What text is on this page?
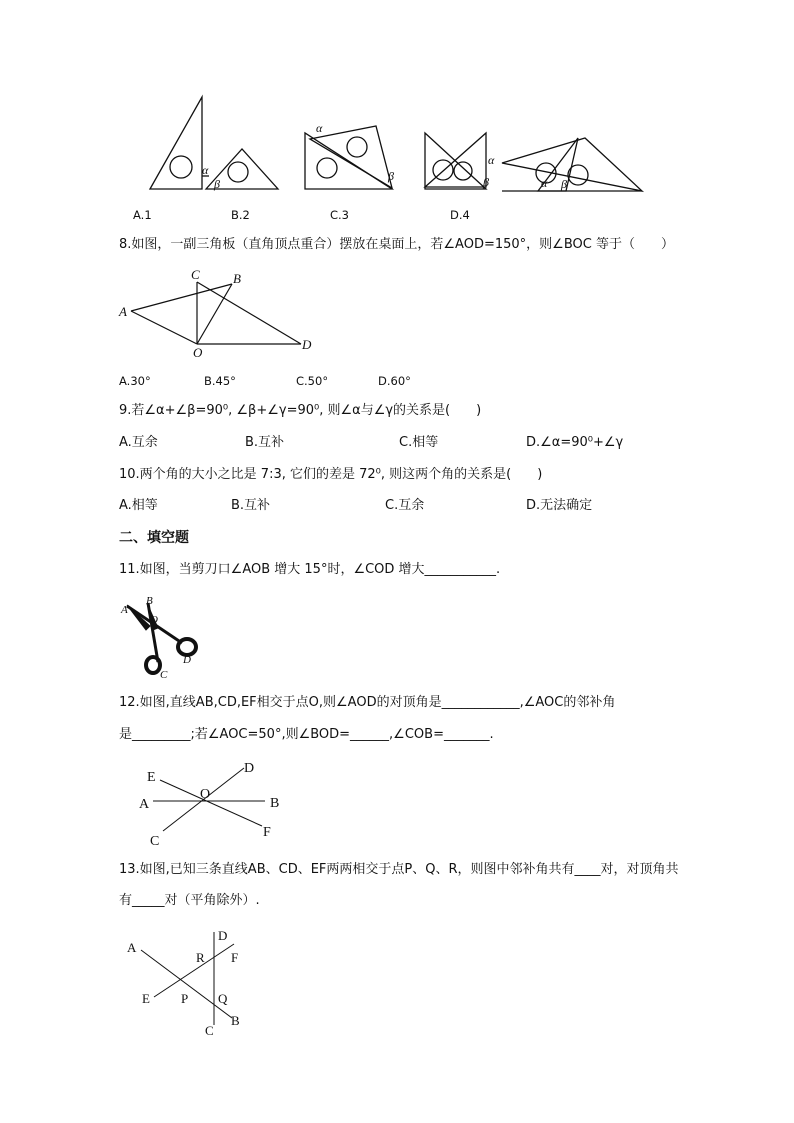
α
β
α
β
α
β	α β
A.1	B.2	C.3	D.4
8.如图，一副三角板（直角顶点重合）摆放在桌面上，若∠AOD=150°，则∠BOC 等于（　　）
A
C	B
O
D
A.30°	B.45°	C.50°	D.60°
9.若∠α+∠β=90⁰, ∠β+∠γ=90⁰, 则∠α与∠γ的关系是(　　)
A.互余	B.互补	C.相等	D.∠α=90⁰+∠γ
10.两个角的大小之比是 7:3, 它们的差是 72⁰, 则这两个角的关系是(　　)
A.相等	B.互补	C.互余	D.无法确定
二、填空题
11.如图，当剪刀口∠AOB 增大 15°时，∠COD 增大___________.
A
B
O
D
C
12.如图,直线AB,CD,EF相交于点O,则∠AOD的对顶角是____________,∠AOC的邻补角
是_________;若∠AOC=50°,则∠BOD=______,∠COB=_______.
E
D
A
O
B
F
C
13.如图,已知三条直线AB、CD、EF两两相交于点P、Q、R，则图中邻补角共有____对，对顶角共
有_____对（平角除外）.
A
D
R F
E P Q
B
C
